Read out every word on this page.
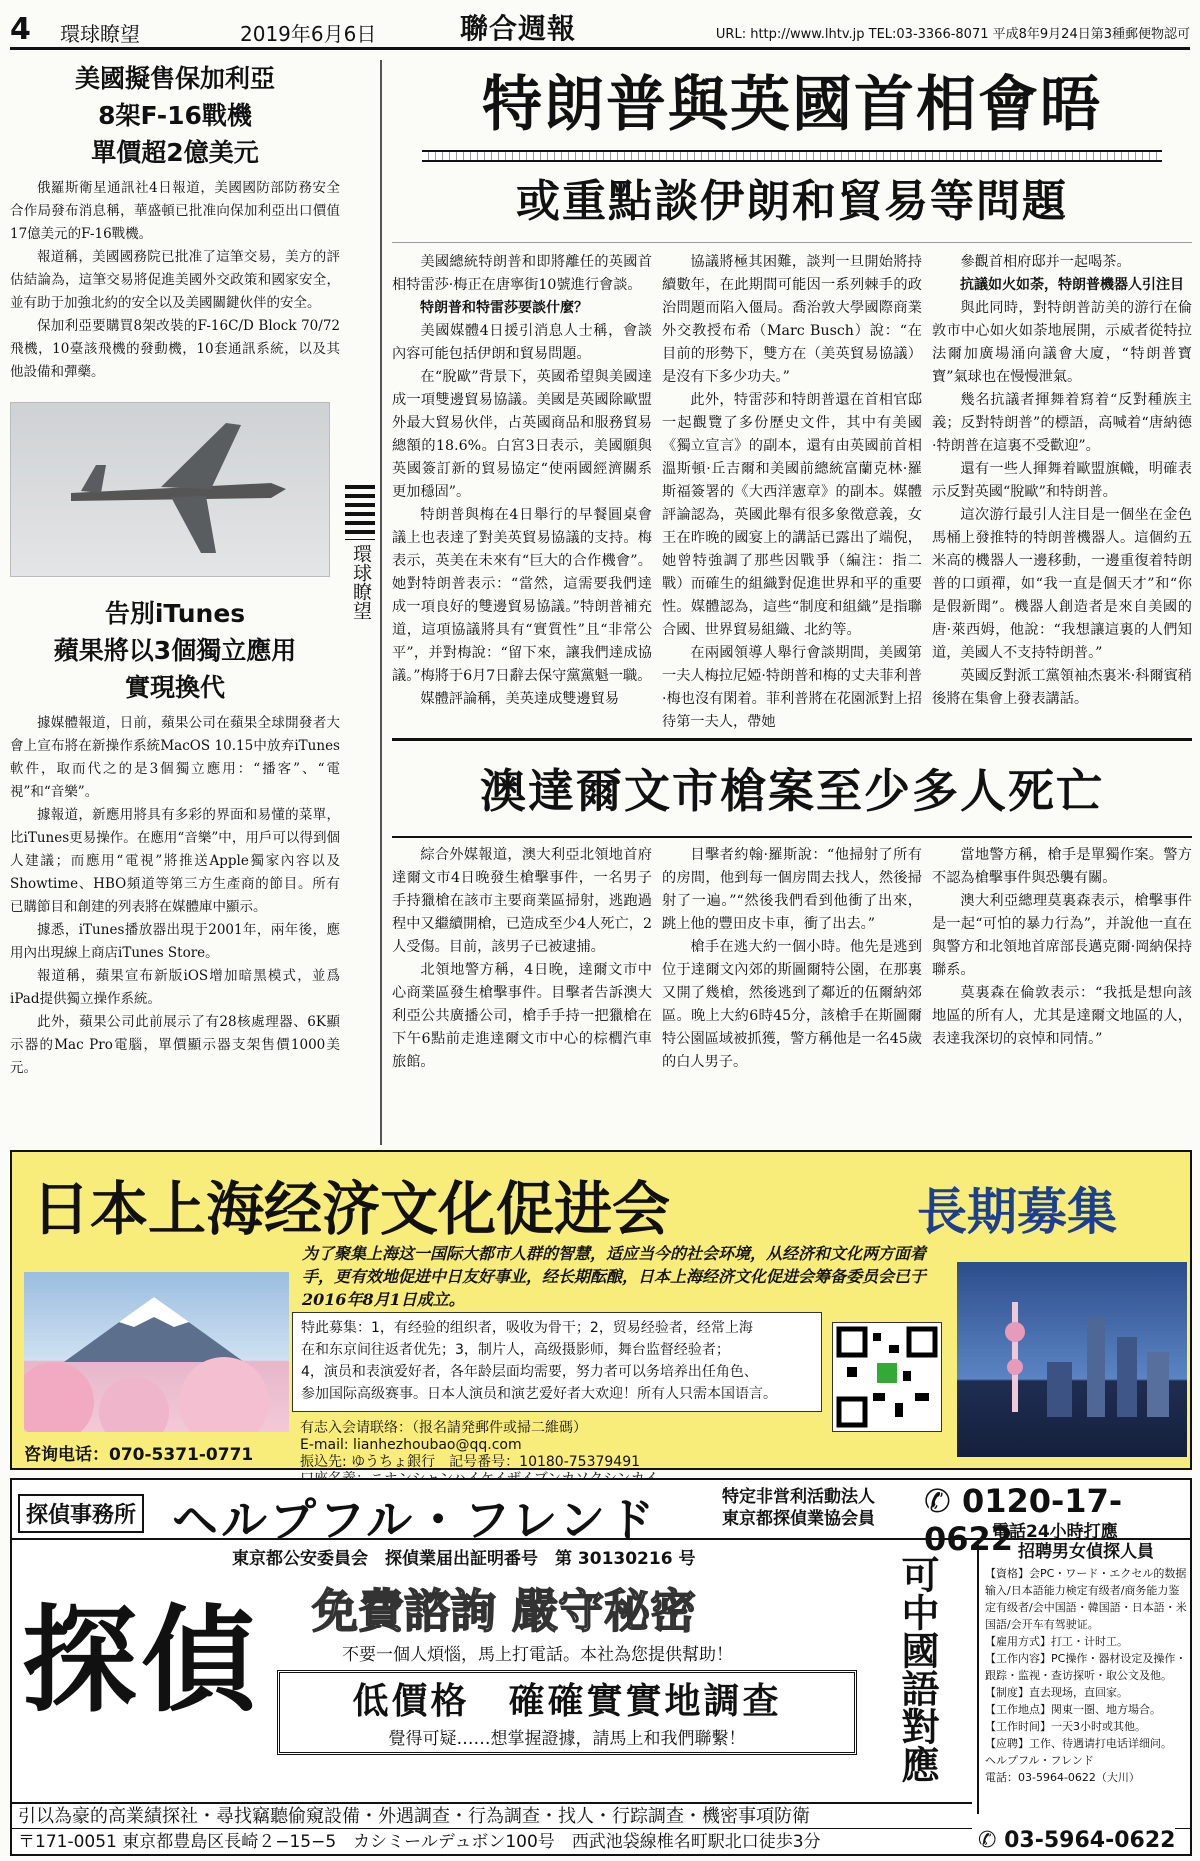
4	環球瞭望	2019年6月6日	聯合週報	URL: http://www.lhtv.jp TEL:03-3366-8071 平成8年9月24日第3種郵便物認可
美國擬售保加利亞
8架F-16戰機
單價超2億美元

俄羅斯衛星通訊社4日報道，美國國防部防務安全合作局發布消息稱，華盛頓已批准向保加利亞出口價值17億美元的F-16戰機。

報道稱，美國國務院已批准了這筆交易，美方的評估結論為，這筆交易將促進美國外交政策和國家安全，並有助于加強北約的安全以及美國關鍵伙伴的安全。

保加利亞要購買8架改裝的F-16C/D Block 70/72飛機，10臺該飛機的發動機，10套通訊系統，以及其他設備和彈藥。

告別iTunes
蘋果將以3個獨立應用
實現換代

據媒體報道，日前，蘋果公司在蘋果全球開發者大會上宣布將在新操作系統MacOS 10.15中放弃iTunes軟件，取而代之的是3個獨立應用：“播客”、“電視”和“音樂”。

據報道，新應用將具有多彩的界面和易懂的菜單，比iTunes更易操作。在應用“音樂”中，用戶可以得到個人建議；而應用“電視”將推送Apple獨家內容以及Showtime、HBO頻道等第三方生產商的節目。所有已購節目和創建的列表將在媒體庫中顯示。

據悉，iTunes播放器出現于2001年，兩年後，應用內出現線上商店iTunes Store。

報道稱，蘋果宣布新版iOS增加暗黑模式，並爲iPad提供獨立操作系統。

此外，蘋果公司此前展示了有28核處理器、6K顯示器的Mac Pro電腦，單價顯示器支架售價1000美元。

環球瞭望
特朗普與英國首相會晤
或重點談伊朗和貿易等問題

美國總統特朗普和即將離任的英國首相特雷莎·梅正在唐寧街10號進行會談。

特朗普和特雷莎要談什麼？

美國媒體4日援引消息人士稱，會談內容可能包括伊朗和貿易問題。

在“脫歐”背景下，英國希望與美國達成一項雙邊貿易協議。美國是英國除歐盟外最大貿易伙伴，占英國商品和服務貿易總額的18.6%。白宮3日表示，美國願與英國簽訂新的貿易協定“使兩國經濟關系更加穩固”。

特朗普與梅在4日舉行的早餐圓桌會議上也表達了對美英貿易協議的支持。梅表示，英美在未來有“巨大的合作機會”。她對特朗普表示：“當然，這需要我們達成一項良好的雙邊貿易協議。”特朗普補充道，這項協議將具有“實質性”且“非常公平”，并對梅說：“留下來，讓我們達成協議。”梅將于6月7日辭去保守黨黨魁一職。

媒體評論稱，美英達成雙邊貿易

協議將極其困難，談判一旦開始將持續數年，在此期間可能因一系列棘手的政治問題而陷入僵局。喬治敦大學國際商業外交教授布希（Marc Busch）說：“在目前的形勢下，雙方在（美英貿易協議）是沒有下多少功夫。”

此外，特雷莎和特朗普還在首相官邸一起觀覽了多份歷史文件，其中有美國《獨立宣言》的副本，還有由英國前首相溫斯頓·丘吉爾和美國前總統富蘭克林·羅斯福簽署的《大西洋憲章》的副本。媒體評論認為，英國此舉有很多象徵意義，女王在昨晚的國宴上的講話已露出了端倪，她曾特強調了那些因戰爭（編注：指二戰）而確生的組織對促進世界和平的重要性。媒體認為，這些“制度和組織”是指聯合國、世界貿易組織、北約等。

在兩國領導人舉行會談期間，美國第一夫人梅拉尼婭·特朗普和梅的丈夫菲利普·梅也沒有閑着。菲利普將在花園派對上招待第一夫人，帶她

參觀首相府邸并一起喝茶。

抗議如火如荼，特朗普機器人引注目

與此同時，對特朗普訪美的游行在倫敦市中心如火如荼地展開，示威者從特拉法爾加廣場涌向議會大廈，“特朗普寶寶”氣球也在慢慢泄氣。

幾名抗議者揮舞着寫着“反對種族主義；反對特朗普”的標語，高喊着“唐納德·特朗普在這裏不受歡迎”。

還有一些人揮舞着歐盟旗幟，明確表示反對英國“脫歐”和特朗普。

這次游行最引人注目是一個坐在金色馬桶上發推特的特朗普機器人。這個約五米高的機器人一邊移動，一邊重復着特朗普的口頭禪，如“我一直是個天才”和“你是假新聞”。機器人創造者是來自美國的唐·萊西姆，他說：“我想讓這裏的人們知道，美國人不支持特朗普。”

英國反對派工黨領袖杰裏米·科爾賓稍後將在集會上發表講話。

澳達爾文市槍案至少多人死亡

綜合外媒報道，澳大利亞北領地首府達爾文市4日晚發生槍擊事件，一名男子手持獵槍在該市主要商業區掃射，逃跑過程中又繼續開槍，已造成至少4人死亡，2人受傷。目前，該男子已被逮捕。

北領地警方稱，4日晚，達爾文市中心商業區發生槍擊事件。目擊者告訴澳大利亞公共廣播公司，槍手手持一把獵槍在下午6點前走進達爾文市中心的棕櫚汽車旅館。

目擊者約翰·羅斯說：“他掃射了所有的房間，他到每一個房間去找人，然後掃射了一遍。”“然後我們看到他衝了出來，跳上他的豐田皮卡車，衝了出去。”

槍手在逃大約一個小時。他先是逃到位于達爾文內郊的斯圖爾特公園，在那裏又開了幾槍，然後逃到了鄰近的伍爾納郊區。晚上大約6時45分，該槍手在斯圖爾特公園區域被抓獲，警方稱他是一名45歲的白人男子。

當地警方稱，槍手是單獨作案。警方不認為槍擊事件與恐襲有關。

澳大利亞總理莫裏森表示，槍擊事件是一起“可怕的暴力行為”，并說他一直在與警方和北領地首席部長邁克爾·岡納保持聯系。

莫裏森在倫敦表示：“我抵是想向該地區的所有人，尤其是達爾文地區的人，表達我深切的哀悼和同情。”

日本上海经济文化促进会	長期募集
为了聚集上海这一国际大都市人群的智慧，适应当今的社会环境，从经济和文化两方面着手，更有效地促进中日友好事业，经长期酝酿，日本上海经济文化促进会筹备委员会已于2016年8月1日成立。
特此募集：1，有经验的组织者，吸收为骨干；2，贸易经验者，经常上海
在和东京间往返者优先；3，制片人，高级摄影师，舞台监督经验者；
4，演员和表演爱好者，各年龄层面均需要，努力者可以务培养出任角色、
参加国际高级赛事。日本人演员和演艺爱好者大欢迎！所有人只需本国语言。
有志入会请联络：（报名請発郵件或掃二維碼）
E-mail: lianhezhoubao@qq.com
振込先: ゆうちょ銀行　記号番号：10180-75379491
咨询电话：070-5371-0771
探偵事務所 ヘルプフル・フレンド	特定非営利活動法人
東京都探偵業協会員 ✆ 0120-17-0622
電話24小時打應
東京都公安委員会　探偵業届出証明番号　第 30130216 号
探偵 免費諮詢 嚴守秘密
不要一個人煩惱，馬上打電話。本社為您提供幫助！
低價格　確確實實地調查
覺得可疑……想掌握證據，請馬上和我們聯繫！	可中國語對應
招聘男女偵探人員
【資格】会PC・ワード・エクセル的数据输入/日本語能力検定有级者/商务能力鉴定有级者/会中国語・韓国語・日本語・米国語/会开车有驾驶证。
【雇用方式】打工・计时工。
【工作内容】PC操作・器材设定及操作・跟踪・监视・查访探听・取公文及他。
【制度】直去现场，直回家。
【工作地点】関東一圏、地方場合。
【工作时间】一天3小时或其他。
【应聘】工作、待遇请打电话详细问。
ヘルプフル・フレンド
電話：03-5964-0622（大川）
引以為豪的高業績探社・尋找竊聽偷窺設備・外遇調查・行為調查・找人・行踪調查・機密事項防衛
〒171-0051 東京都豊島区長崎２−15−5　カシミールデュボン100号　西武池袋線椎名町駅北口徒歩3分	✆ 03-5964-0622
